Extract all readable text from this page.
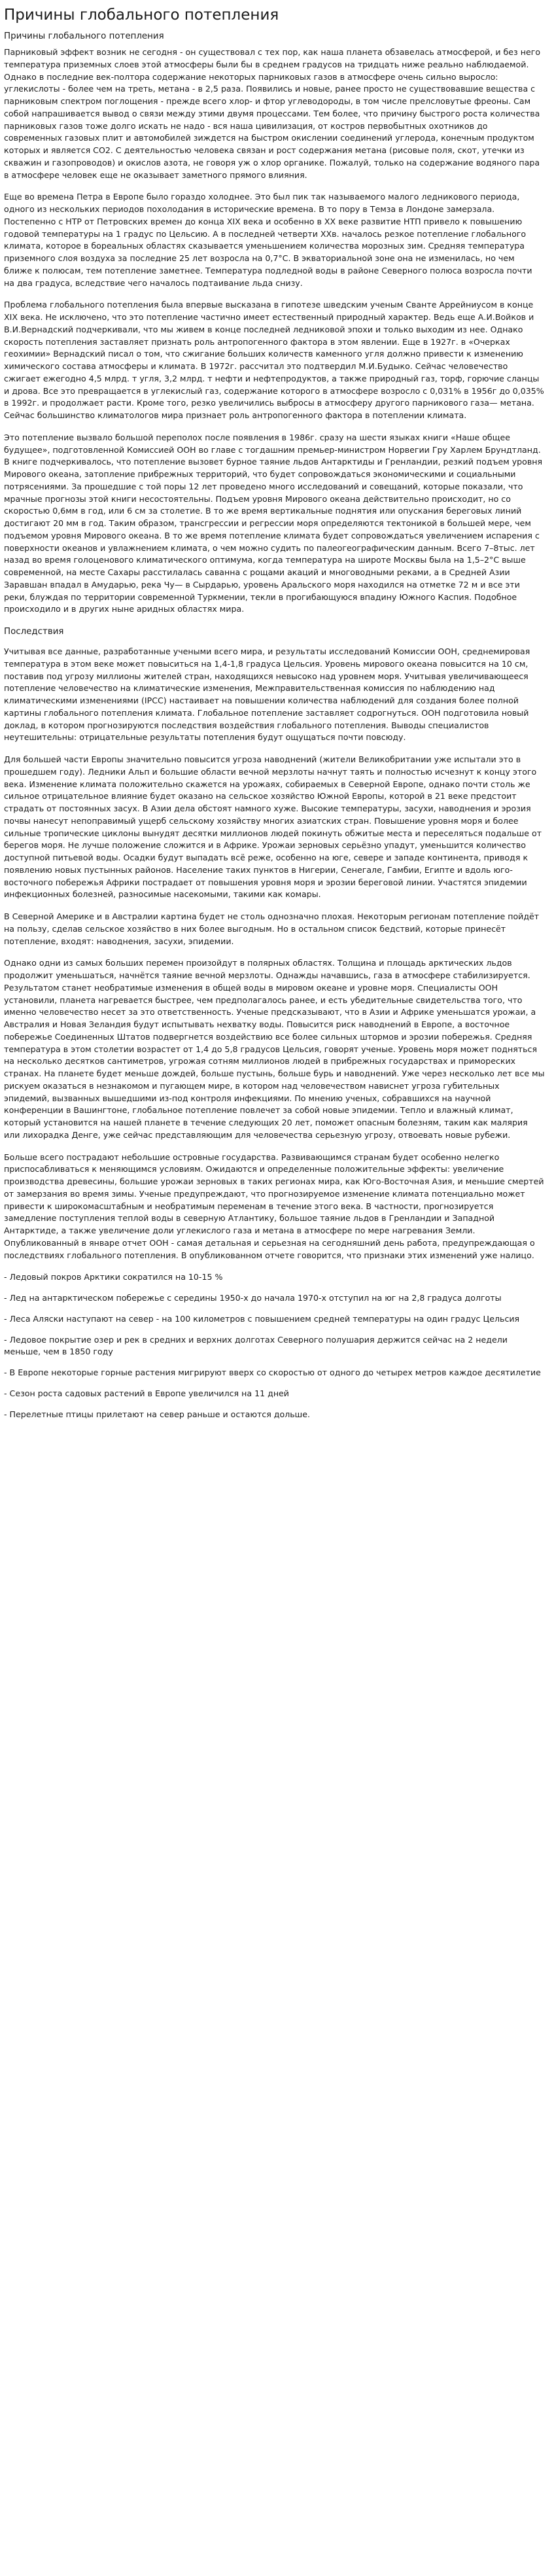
Причины глобального потепления
Причины глобального потепления

Парниковый эффект возник не сегодня - он существовал с тех пор, как наша планета обзавелась атмосферой, и без него температура приземных слоев этой атмосферы были бы в среднем градусов на тридцать ниже реально наблюдаемой. Однако в последние век-полтора содержание некоторых парниковых газов в атмосфере очень сильно выросло: углекислоты - более чем на треть, метана - в 2,5 раза. Появились и новые, ранее просто не существовавшие вещества с парниковым спектром поглощения - прежде всего хлор- и фтор углеводороды, в том числе прелсловутые фреоны. Сам собой напрашивается вывод о связи между этими двумя процессами. Тем более, что причину быстрого роста количества парниковых газов тоже долго искать не надо - вся наша цивилизация, от костров первобытных охотников до современных газовых плит и автомобилей зиждется на быстром окислении соединений углерода, конечным продуктом которых и является СО2. С деятельностью человека связан и рост содержания метана (рисовые поля, скот, утечки из скважин и газопроводов) и окислов азота, не говоря уж о хлор органике. Пожалуй, только на содержание водяного пара в атмосфере человек еще не оказывает заметного прямого влияния.

Еще во времена Петра в Европе было гораздо холоднее. Это был пик так называемого малого ледникового периода, одного из нескольких периодов похолодания в исторические времена. В то пору в Темза в Лондоне замерзала. Постепенно с НТР от Петровских времен до конца XIX века и особенно в XX веке развитие НТП привело к повышению годовой температуры на 1 градус по Цельсию. А в последней четверти ХХв. началось резкое потепление глобального климата, которое в бореальных областях сказывается уменьшением количества морозных зим. Средняя температура приземного слоя воздуха за последние 25 лет возросла на 0,7°С. В экваториальной зоне она не изменилась, но чем ближе к полюсам, тем потепление заметнее. Температура подледной воды в районе Северного полюса возросла почти на два градуса, вследствие чего началось подтаивание льда снизу.

Проблема глобального потепления была впервые высказана в гипотезе шведским ученым Сванте Аррейниусом в конце XIX века. Не исключено, что это потепление частично имеет естественный природный характер. Ведь еще А.И.Войков и В.И.Вернадский подчеркивали, что мы живем в конце последней ледниковой эпохи и только выходим из нее. Однако скорость потепления заставляет признать роль антропогенного фактора в этом явлении. Еще в 1927г. в «Очерках геохимии» Вернадский писал о том, что сжигание больших количеств каменного угля должно привести к изменению химического состава атмосферы и климата. В 1972г. рассчитал это подтвердил М.И.Будыко. Сейчас человечество сжигает ежегодно 4,5 млрд. т угля, 3,2 млрд. т нефти и нефтепродуктов, а также природный газ, торф, горючие сланцы и дрова. Все это превращается в углекислый газ, содержание которого в атмосфере возросло с 0,031% в 1956г до 0,035% в 1992г. и продолжает расти. Кроме того, резко увеличились выбросы в атмосферу другого парникового газа— метана. Сейчас большинство климатологов мира признает роль антропогенного фактора в потеплении климата.

Это потепление вызвало большой переполох после появления в 1986г. сразу на шести языках книги «Наше общее будущее», подготовленной Комиссией ООН во главе с тогдашним премьер-министром Норвегии Гру Харлем Брундтланд. В книге подчеркивалось, что потепление вызовет бурное таяние льдов Антарктиды и Гренландии, резкий подъем уровня Мирового океана, затопление прибрежных территорий, что будет сопровождаться экономическими и социальными потрясениями. За прошедшие с той поры 12 лет проведено много исследований и совещаний, которые показали, что мрачные прогнозы этой книги несостоятельны. Подъем уровня Мирового океана действительно происходит, но со скоростью 0,6мм в год, или 6 см за столетие. В то же время вертикальные поднятия или опускания береговых линий достигают 20 мм в год. Таким образом, трансгрессии и регрессии моря определяются тектоникой в большей мере, чем подъемом уровня Мирового океана. В то же время потепление климата будет сопровождаться увеличением испарения с поверхности океанов и увлажнением климата, о чем можно судить по палеогеографическим данным. Всего 7–8тыс. лет назад во время голоценового климатического оптимума, когда температура на широте Москвы была на 1,5–2°С выше современной, на месте Сахары расстилалась саванна с рощами акаций и многоводными реками, а в Средней Азии Заравшан впадал в Амударью, река Чу— в Сырдарью, уровень Аральского моря находился на отметке 72 м и все эти реки, блуждая по территории современной Туркмении, текли в прогибающуюся впадину Южного Каспия. Подобное происходило и в других ныне аридных областях мира.

Последствия

Учитывая все данные, разработанные учеными всего мира, и результаты исследований Комиссии ООН, среднемировая температура в этом веке может повыситься на 1,4-1,8 градуса Цельсия. Уровень мирового океана повысится на 10 см, поставив под угрозу миллионы жителей стран, находящихся невысоко над уровнем моря. Учитывая увеличивающееся потепление человечество на климатические изменения, Межправительственная комиссия по наблюдению над климатическими изменениями (IPCC) настаивает на повышении количества наблюдений для создания более полной картины глобального потепления климата. Глобальное потепление заставляет содрогнуться. ООН подготовила новый доклад, в котором прогнозируются последствия воздействия глобального потепления. Выводы специалистов неутешительны: отрицательные результаты потепления будут ощущаться почти повсюду.

Для большей части Европы значительно повысится угроза наводнений (жители Великобритании уже испытали это в прошедшем году). Ледники Альп и большие области вечной мерзлоты начнут таять и полностью исчезнут к концу этого века. Изменение климата положительно скажется на урожаях, собираемых в Северной Европе, однако почти столь же сильное отрицательное влияние будет оказано на сельское хозяйство Южной Европы, которой в 21 веке предстоит страдать от постоянных засух. В Азии дела обстоят намного хуже. Высокие температуры, засухи, наводнения и эрозия почвы нанесут непоправимый ущерб сельскому хозяйству многих азиатских стран. Повышение уровня моря и более сильные тропические циклоны вынудят десятки миллионов людей покинуть обжитые места и переселяться подальше от берегов моря. Не лучше положение сложится и в Африке. Урожаи зерновых серьёзно упадут, уменьшится количество доступной питьевой воды. Осадки будут выпадать всё реже, особенно на юге, севере и западе континента, приводя к появлению новых пустынных районов. Население таких пунктов в Нигерии, Сенегале, Гамбии, Египте и вдоль юго-восточного побережья Африки пострадает от повышения уровня моря и эрозии береговой линии. Участятся эпидемии инфекционных болезней, разносимые насекомыми, такими как комары.

В Северной Америке и в Австралии картина будет не столь однозначно плохая. Некоторым регионам потепление пойдёт на пользу, сделав сельское хозяйство в них более выгодным. Но в остальном список бедствий, которые принесёт потепление, входят: наводнения, засухи, эпидемии.

Однако одни из самых больших перемен произойдут в полярных областях. Толщина и площадь арктических льдов продолжит уменьшаться, начнётся таяние вечной мерзлоты. Однажды начавшись, газа в атмосфере стабилизируется. Результатом станет необратимые изменения в общей воды в мировом океане и уровне моря. Специалисты ООН установили, планета нагревается быстрее, чем предполагалось ранее, и есть убедительные свидетельства того, что именно человечество несет за это ответственность. Ученые предсказывают, что в Азии и Африке уменьшатся урожаи, а Австралия и Новая Зеландия будут испытывать нехватку воды. Повысится риск наводнений в Европе, а восточное побережье Соединенных Штатов подвергнется воздействию все более сильных штормов и эрозии побережья. Средняя температура в этом столетии возрастет от 1,4 до 5,8 градусов Цельсия, говорят ученые. Уровень моря может подняться на несколько десятков сантиметров, угрожая сотням миллионов людей в прибрежных государствах и примореских странах. На планете будет меньше дождей, больше пустынь, больше бурь и наводнений. Уже через несколько лет все мы рискуем оказаться в незнакомом и пугающем мире, в котором над человечеством нависнет угроза губительных эпидемий, вызванных вышедшими из-под контроля инфекциями. По мнению ученых, собравшихся на научной конференции в Вашингтоне, глобальное потепление повлечет за собой новые эпидемии. Тепло и влажный климат, который установится на нашей планете в течение следующих 20 лет, поможет опасным болезням, таким как малярия или лихорадка Денге, уже сейчас представляющим для человечества серьезную угрозу, отвоевать новые рубежи.

Больше всего пострадают небольшие островные государства. Развивающимся странам будет особенно нелегко приспосабливаться к меняющимся условиям. Ожидаются и определенные положительные эффекты: увеличение производства древесины, большие урожаи зерновых в таких регионах мира, как Юго-Восточная Азия, и меньшие смертей от замерзания во время зимы. Ученые предупреждают, что прогнозируемое изменение климата потенциально может привести к широкомасштабным и необратимым переменам в течение этого века. В частности, прогнозируется замедление поступления теплой воды в северную Атлантику, большое таяние льдов в Гренландии и Западной Антарктиде, а также увеличение доли углекислого газа и метана в атмосфере по мере нагревания Земли. Опубликованный в январе отчет ООН - самая детальная и серьезная на сегодняшний день работа, предупреждающая о последствиях глобального потепления. В опубликованном отчете говорится, что признаки этих изменений уже налицо.

- Ледовый покров Арктики сократился на 10-15 %
- Лед на антарктическом побережье с середины 1950-х до начала 1970-х отступил на юг на 2,8 градуса долготы
- Леса Аляски наступают на север - на 100 километров с повышением средней температуры на один градус Цельсия
- Ледовое покрытие озер и рек в средних и верхних долготах Северного полушария держится сейчас на 2 недели меньше, чем в 1850 году
- В Европе некоторые горные растения мигрируют вверх со скоростью от одного до четырех метров каждое десятилетие
- Сезон роста садовых растений в Европе увеличился на 11 дней
- Перелетные птицы прилетают на север раньше и остаются дольше.
